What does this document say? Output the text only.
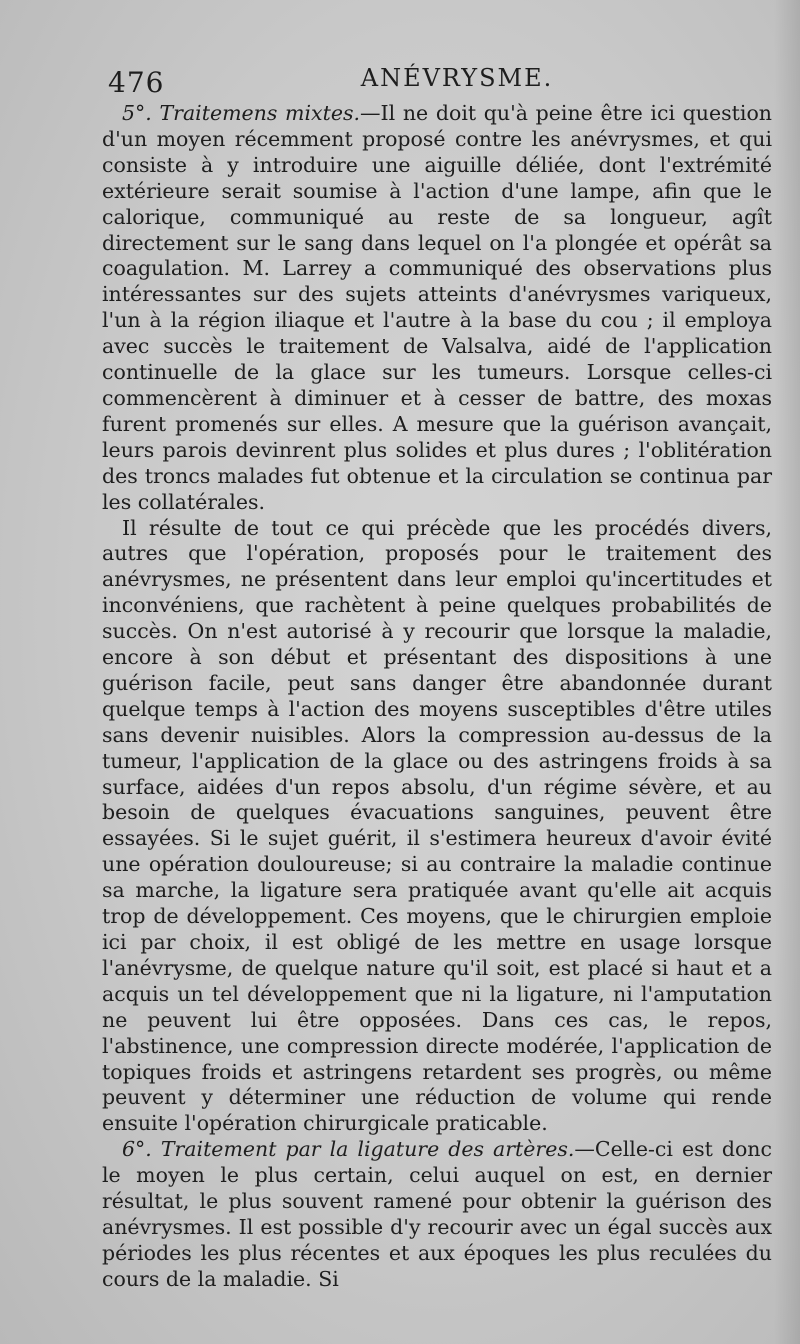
476	ANÉVRYSME.

5°. Traitemens mixtes.—Il ne doit qu'à peine être ici question d'un moyen récemment proposé contre les anévrysmes, et qui consiste à y introduire une aiguille déliée, dont l'extrémité extérieure serait soumise à l'action d'une lampe, afin que le calorique, communiqué au reste de sa longueur, agît directement sur le sang dans lequel on l'a plongée et opérât sa coagulation. M. Larrey a communiqué des observations plus intéressantes sur des sujets atteints d'anévrysmes variqueux, l'un à la région iliaque et l'autre à la base du cou ; il employa avec succès le traitement de Valsalva, aidé de l'application continuelle de la glace sur les tumeurs. Lorsque celles-ci commencèrent à diminuer et à cesser de battre, des moxas furent promenés sur elles. A mesure que la guérison avançait, leurs parois devinrent plus solides et plus dures ; l'oblitération des troncs malades fut obtenue et la circulation se continua par les collatérales.

Il résulte de tout ce qui précède que les procédés divers, autres que l'opération, proposés pour le traitement des anévrysmes, ne présentent dans leur emploi qu'incertitudes et inconvéniens, que rachètent à peine quelques probabilités de succès. On n'est autorisé à y recourir que lorsque la maladie, encore à son début et présentant des dispositions à une guérison facile, peut sans danger être abandonnée durant quelque temps à l'action des moyens susceptibles d'être utiles sans devenir nuisibles. Alors la compression au-dessus de la tumeur, l'application de la glace ou des astringens froids à sa surface, aidées d'un repos absolu, d'un régime sévère, et au besoin de quelques évacuations sanguines, peuvent être essayées. Si le sujet guérit, il s'estimera heureux d'avoir évité une opération douloureuse; si au contraire la maladie continue sa marche, la ligature sera pratiquée avant qu'elle ait acquis trop de développement. Ces moyens, que le chirurgien emploie ici par choix, il est obligé de les mettre en usage lorsque l'anévrysme, de quelque nature qu'il soit, est placé si haut et a acquis un tel développement que ni la ligature, ni l'amputation ne peuvent lui être opposées. Dans ces cas, le repos, l'abstinence, une compression directe modérée, l'application de topiques froids et astringens retardent ses progrès, ou même peuvent y déterminer une réduction de volume qui rende ensuite l'opération chirurgicale praticable.

6°. Traitement par la ligature des artères.—Celle-ci est donc le moyen le plus certain, celui auquel on est, en dernier résultat, le plus souvent ramené pour obtenir la guérison des anévrysmes. Il est possible d'y recourir avec un égal succès aux périodes les plus récentes et aux époques les plus reculées du cours de la maladie. Si
